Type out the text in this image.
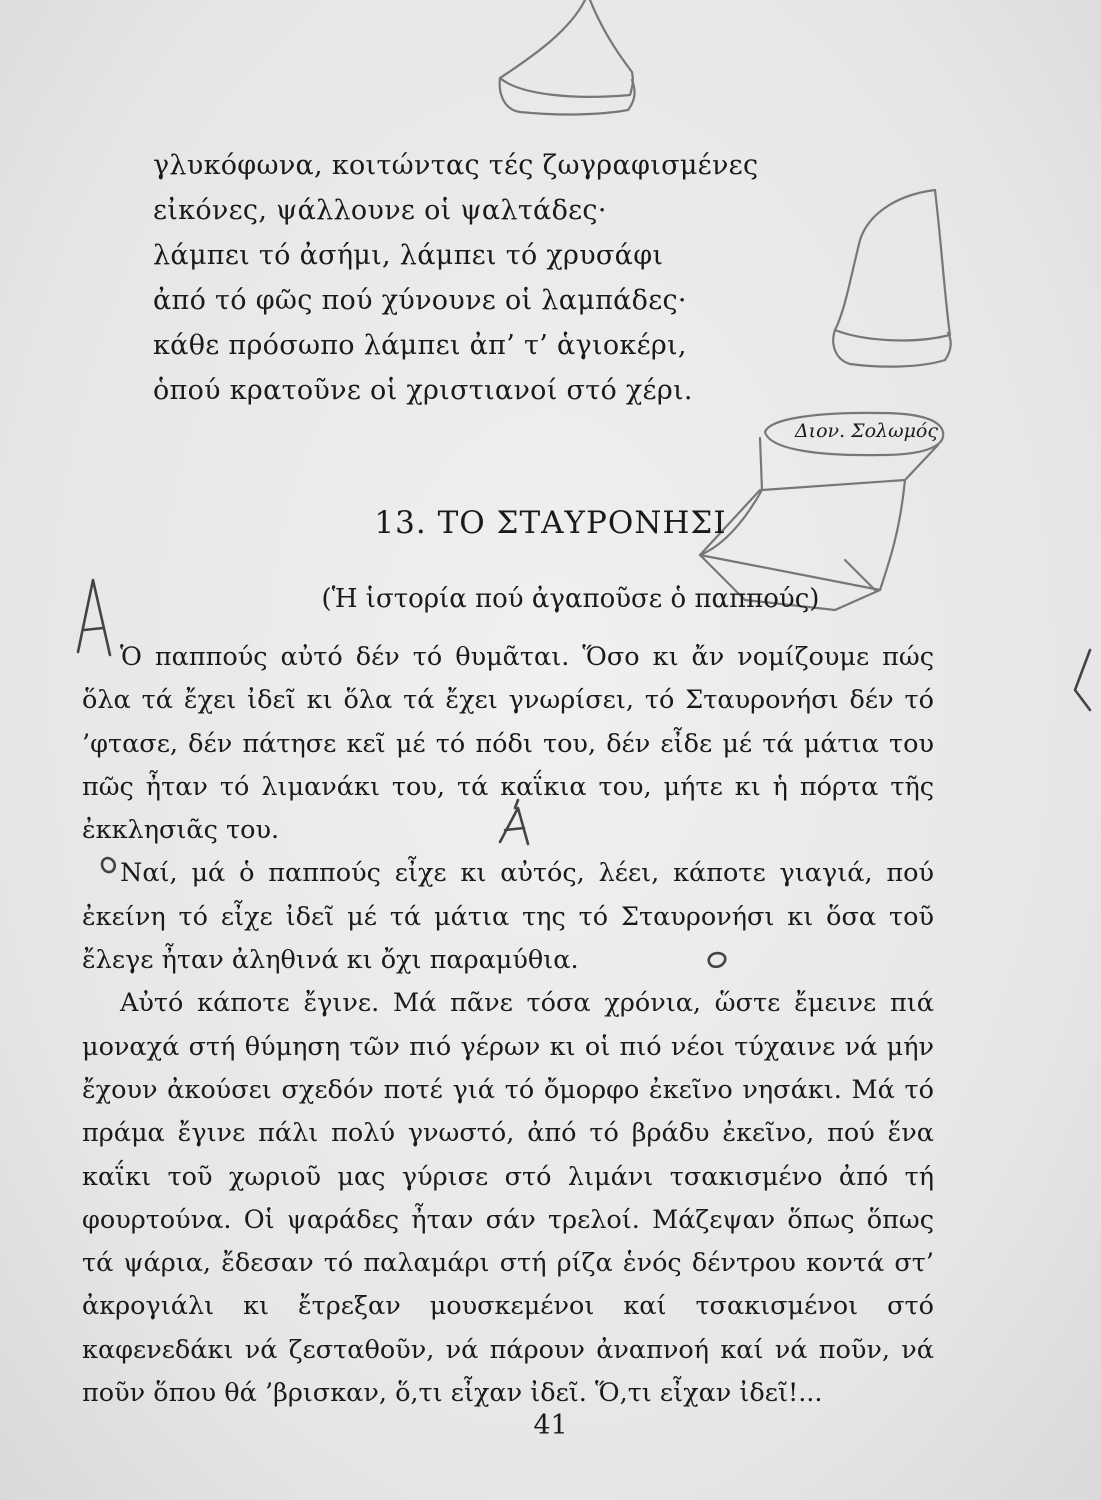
γλυκόφωνα, κοιτώντας τές ζωγραφισμένες
εἰκόνες, ψάλλουνε οἱ ψαλτάδες·
λάμπει τό ἀσήμι, λάμπει τό χρυσάφι
ἀπό τό φῶς πού χύνουνε οἱ λαμπάδες·
κάθε πρόσωπο λάμπει ἀπ’ τ’ ἁγιοκέρι,
ὁπού κρατοῦνε οἱ χριστιανοί στό χέρι.
Διον. Σολωμός
13. ΤΟ ΣΤΑΥΡΟΝΗΣΙ
(Ἡ ἱστορία πού ἀγαποῦσε ὁ παππούς)

Ὁ παππούς αὐτό δέν τό θυμᾶται. Ὅσο κι ἄν νομίζουμε πώς ὅλα τά ἔχει ἰδεῖ κι ὅλα τά ἔχει γνωρίσει, τό Σταυρονήσι δέν τό ’φτασε, δέν πάτησε κεῖ μέ τό πόδι του, δέν εἶδε μέ τά μάτια του πῶς ἦταν τό λιμανάκι του, τά καΐκια του, μήτε κι ἡ πόρτα τῆς ἐκκλησιᾶς του.

Ναί, μά ὁ παππούς εἶχε κι αὐτός, λέει, κάποτε γιαγιά, πού ἐκείνη τό εἶχε ἰδεῖ μέ τά μάτια της τό Σταυρονήσι κι ὅσα τοῦ ἔλεγε ἦταν ἀληθινά κι ὄχι παραμύθια.

Αὐτό κάποτε ἔγινε. Μά πᾶνε τόσα χρόνια, ὥστε ἔμεινε πιά μοναχά στή θύμηση τῶν πιό γέρων κι οἱ πιό νέοι τύχαινε νά μήν ἔχουν ἀκούσει σχεδόν ποτέ γιά τό ὄμορφο ἐκεῖνο νησάκι. Μά τό πράμα ἔγινε πάλι πολύ γνωστό, ἀπό τό βράδυ ἐκεῖνο, πού ἕνα καΐκι τοῦ χωριοῦ μας γύρισε στό λιμάνι τσακισμένο ἀπό τή φουρτούνα. Οἱ ψαράδες ἦταν σάν τρελοί. Μάζεψαν ὅπως ὅπως τά ψάρια, ἔδεσαν τό παλαμάρι στή ρίζα ἑνός δέντρου κοντά στ’ ἀκρογιάλι κι ἔτρεξαν μουσκεμένοι καί τσακισμένοι στό καφενεδάκι νά ζεσταθοῦν, νά πάρουν ἀναπνοή καί νά ποῦν, νά ποῦν ὅπου θά ’βρισκαν, ὅ,τι εἶχαν ἰδεῖ. Ὅ,τι εἶχαν ἰδεῖ!...

41
